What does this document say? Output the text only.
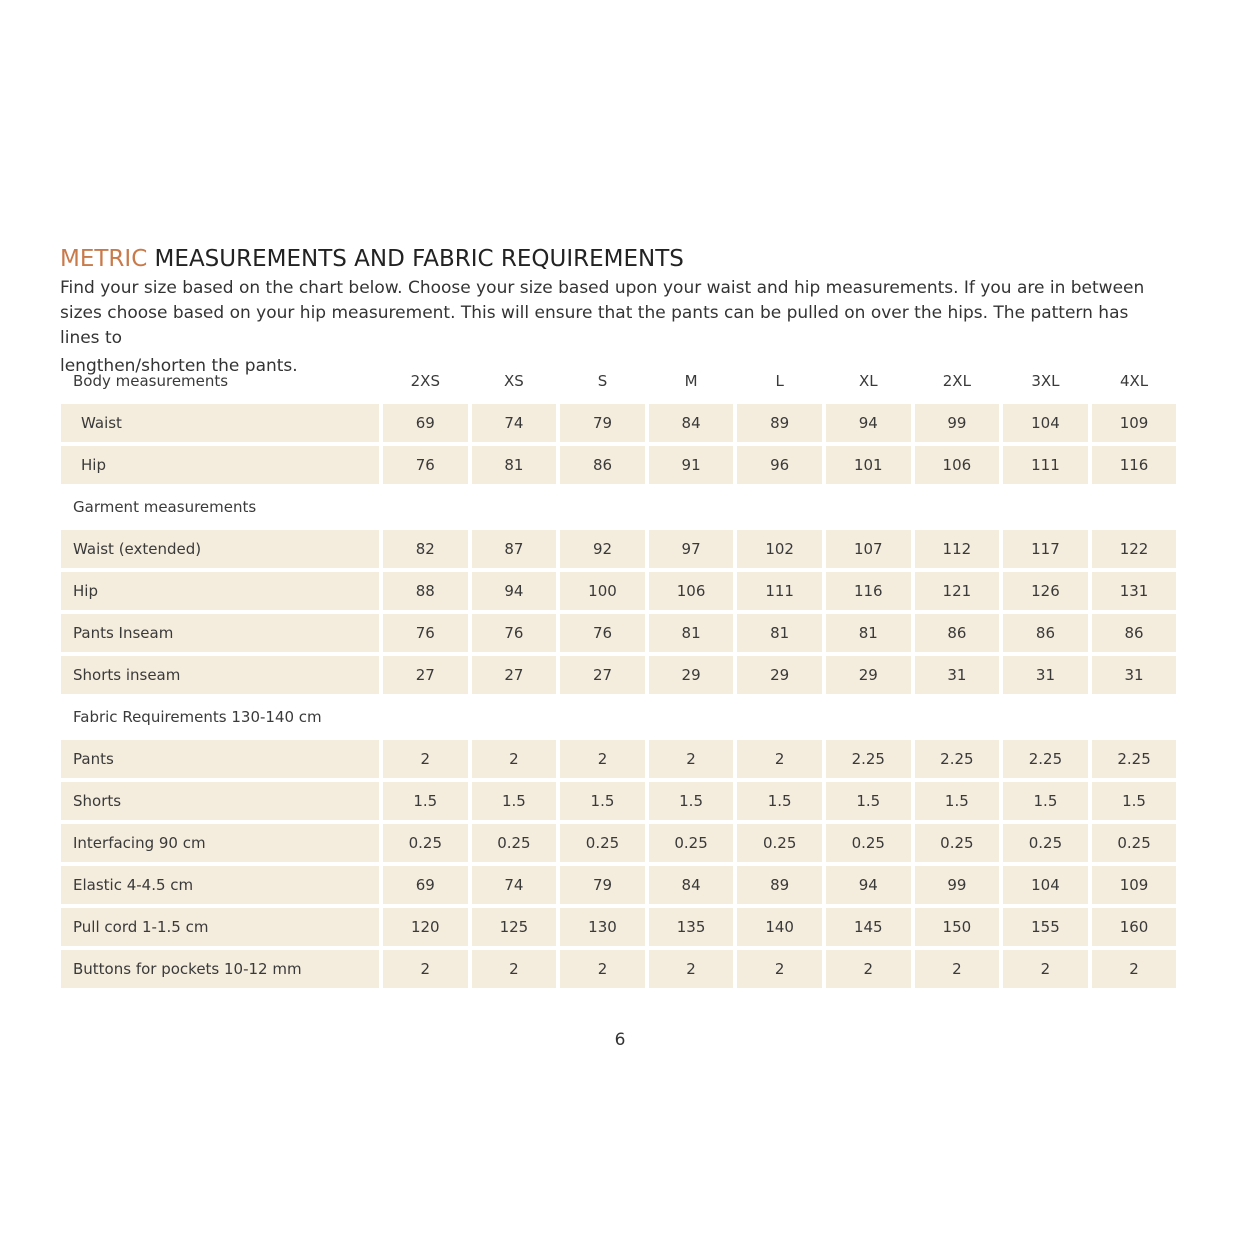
METRIC MEASUREMENTS AND FABRIC REQUIREMENTS

Find your size based on the chart below. Choose your size based upon your waist and hip measurements. If you are in between
sizes choose based on your hip measurement. This will ensure that the pants can be pulled on over the hips. The pattern has lines to
lengthen/shorten the pants.

Body measurements	2XS	XS	S	M	L	XL	2XL	3XL	4XL
Waist	69	74	79	84	89	94	99	104	109
Hip	76	81	86	91	96	101	106	111	116
Garment measurements
Waist (extended)	82	87	92	97	102	107	112	117	122
Hip	88	94	100	106	111	116	121	126	131
Pants Inseam	76	76	76	81	81	81	86	86	86
Shorts inseam	27	27	27	29	29	29	31	31	31
Fabric Requirements 130-140 cm
Pants	2	2	2	2	2	2.25	2.25	2.25	2.25
Shorts	1.5	1.5	1.5	1.5	1.5	1.5	1.5	1.5	1.5
Interfacing 90 cm	0.25	0.25	0.25	0.25	0.25	0.25	0.25	0.25	0.25
Elastic 4-4.5 cm	69	74	79	84	89	94	99	104	109
Pull cord 1-1.5 cm	120	125	130	135	140	145	150	155	160
Buttons for pockets 10-12 mm	2	2	2	2	2	2	2	2	2
6
